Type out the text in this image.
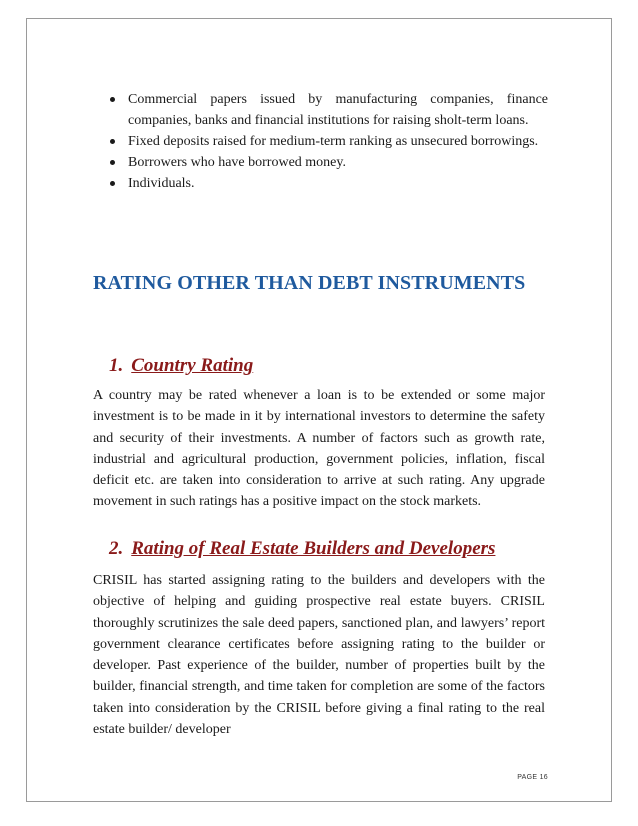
Commercial papers issued by manufacturing companies, finance companies, banks and financial institutions for raising sholt-term loans.
Fixed deposits raised for medium-term ranking as unsecured borrowings.
Borrowers who have borrowed money.
Individuals.
RATING OTHER THAN DEBT INSTRUMENTS
1. Country Rating

A country may be rated whenever a loan is to be extended or some major investment is to be made in it by international investors to determine the safety and security of their investments. A number of factors such as growth rate, industrial and agricultural production, government policies, inflation, fiscal deficit etc. are taken into consideration to arrive at such rating. Any upgrade movement in such ratings has a positive impact on the stock markets.

2. Rating of Real Estate Builders and Developers

CRISIL has started assigning rating to the builders and developers with the objective of helping and guiding prospective real estate buyers. CRISIL thoroughly scrutinizes the sale deed papers, sanctioned plan, and lawyers’ report government clearance certificates before assigning rating to the builder or developer. Past experience of the builder, number of properties built by the builder, financial strength, and time taken for completion are some of the factors taken into consideration by the CRISIL before giving a final rating to the real estate builder/ developer

PAGE 16
